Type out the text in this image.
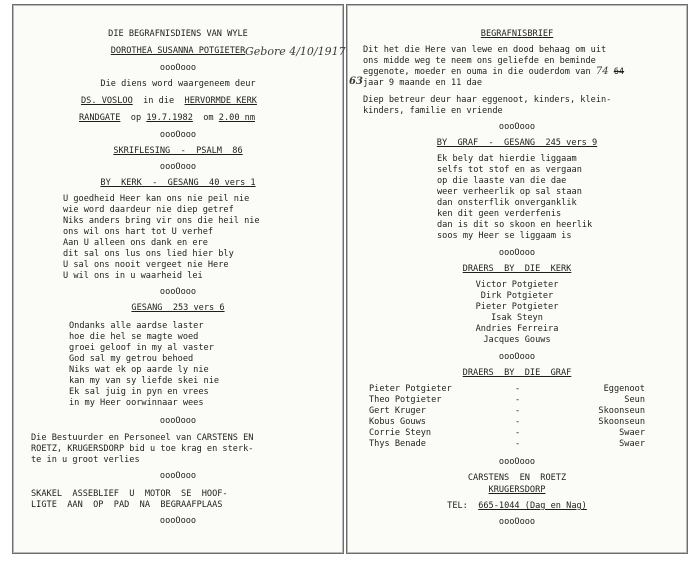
DIE BEGRAFNISDIENS VAN WYLE
DOROTHEA SUSANNA POTGIETER Gebore 4/10/1917
oooOooo
Die diens word waargeneem deur
DS. VOSLOO in die HERVORMDE KERK
RANDGATE op 19.7.1982 om 2.00 nm
oooOooo
SKRIFLESING  -  PSALM  86
oooOooo
BY  KERK  -  GESANG  40 vers 1
U goedheid Heer kan ons nie peil nie
wie word daardeur nie diep getref
Niks anders bring vir ons die heil nie
ons wil ons hart tot U verhef
Aan U alleen ons dank en ere
dit sal ons lus ons lied hier bly
U sal ons nooit vergeet nie Here
U wil ons in u waarheid lei
oooOooo
GESANG  253 vers 6
Ondanks alle aardse laster
hoe die hel se magte woed
groei geloof in my al vaster
God sal my getrou behoed
Niks wat ek op aarde ly nie
kan my van sy liefde skei nie
Ek sal juig in pyn en vrees
in my Heer oorwinnaar wees
oooOooo
Die Bestuurder en Personeel van CARSTENS EN
ROETZ, KRUGERSDORP bid u toe krag en sterk-
te in u groot verlies
oooOooo
SKAKEL  ASSEBLIEF  U  MOTOR  SE  HOOF-
LIGTE  AAN  OP  PAD  NA  BEGRAAFPLAAS
oooOooo
BEGRAFNISBRIEF
Dit het die Here van lewe en dood behaag om uit
ons midde weg te neem ons geliefde en beminde
eggenote, moeder en ouma in die ouderdom van 74 64
63 jaar 9 maande en 11 dae
Diep betreur deur haar eggenoot, kinders, klein-
kinders, familie en vriende
oooOooo
BY  GRAF  -  GESANG  245 vers 9
Ek bely dat hierdie liggaam
selfs tot stof en as vergaan
op die laaste van die dae
weer verheerlik op sal staan
dan onsterflik onverganklik
ken dit geen verderfenis
dan is dit so skoon en heerlik
soos my Heer se liggaam is
oooOooo
DRAERS  BY  DIE  KERK
Victor Potgieter
Dirk Potgieter
Pieter Potgieter
Isak Steyn
Andries Ferreira
Jacques Gouws
oooOooo
DRAERS  BY  DIE  GRAF
Pieter Potgieter	-	Eggenoot
Theo Potgieter	-	Seun
Gert Kruger	-	Skoonseun
Kobus Gouws	-	Skoonseun
Corrie Steyn	-	Swaer
Thys Benade	-	Swaer
oooOooo
CARSTENS  EN  ROETZ
KRUGERSDORP
TEL: 665-1044 (Dag en Nag)
oooOooo
